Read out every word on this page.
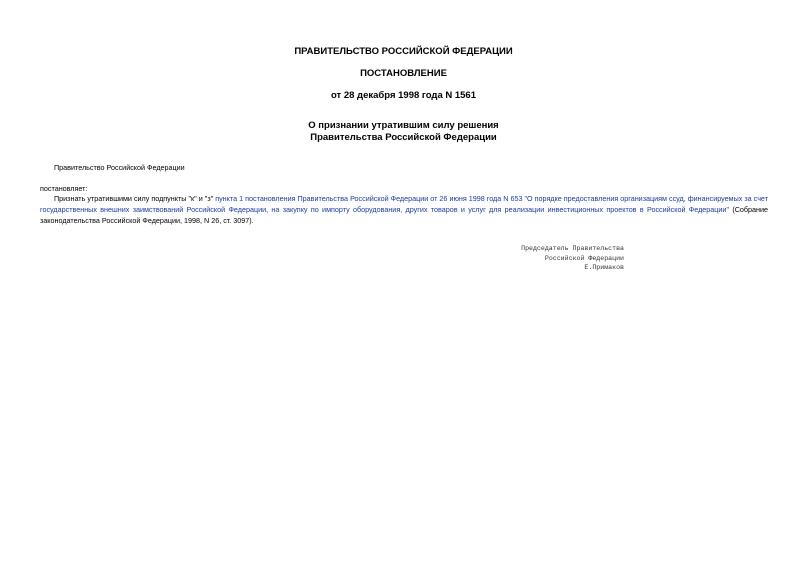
ПРАВИТЕЛЬСТВО РОССИЙСКОЙ ФЕДЕРАЦИИ
ПОСТАНОВЛЕНИЕ
от 28 декабря 1998 года N 1561
О признании утратившим силу решения
Правительства Российской Федерации
Правительство Российской Федерации
постановляет:
Признать утратившими силу подпункты "к" и "з" пункта 1 постановления Правительства Российской Федерации от 26 июня 1998 года N 653 "О порядке предоставления организациям ссуд, финансируемых за счет государственных внешних заимствований Российской Федерации, на закупку по импорту оборудования, других товаров и услуг для реализации инвестиционных проектов в Российской Федерации" (Собрание законодательства Российской Федерации, 1998, N 26, ст. 3097).
Председатель Правительства
Российской Федерации
Е.Примаков
